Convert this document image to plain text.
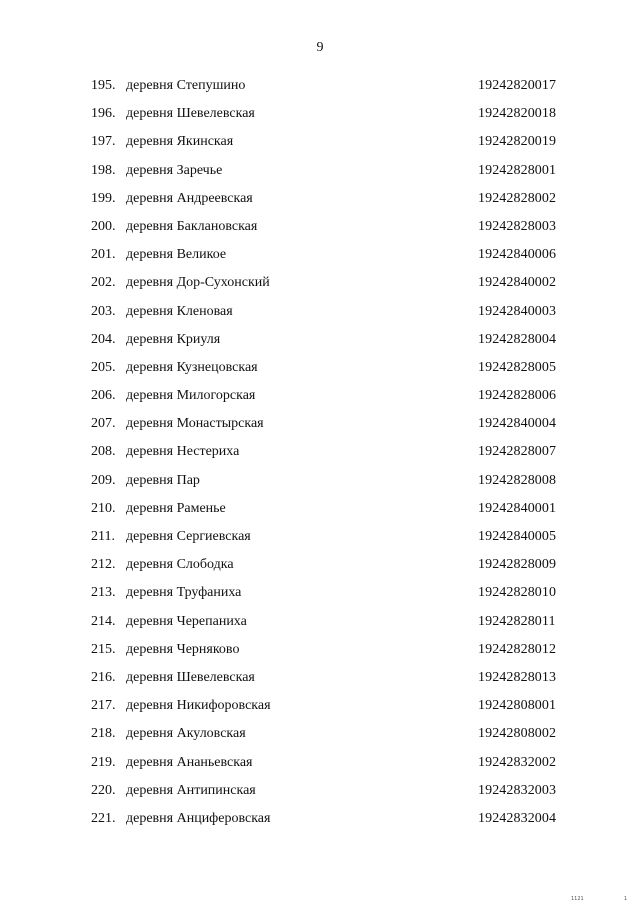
9
195. деревня Степушино	19242820017
196. деревня Шевелевская	19242820018
197. деревня Якинская	19242820019
198. деревня Заречье	19242828001
199. деревня Андреевская	19242828002
200. деревня Баклановская	19242828003
201. деревня Великое	19242840006
202. деревня Дор-Сухонский	19242840002
203. деревня Кленовая	19242840003
204. деревня Криуля	19242828004
205. деревня Кузнецовская	19242828005
206. деревня Милогорская	19242828006
207. деревня Монастырская	19242840004
208. деревня Нестериха	19242828007
209. деревня Пар	19242828008
210. деревня Раменье	19242840001
211. деревня Сергиевская	19242840005
212. деревня Слободка	19242828009
213. деревня Труфаниха	19242828010
214. деревня Черепаниха	19242828011
215. деревня Черняково	19242828012
216. деревня Шевелевская	19242828013
217. деревня Никифоровская	19242808001
218. деревня Акуловская	19242808002
219. деревня Ананьевская	19242832002
220. деревня Антипинская	19242832003
221. деревня Анциферовская	19242832004
1121	1
